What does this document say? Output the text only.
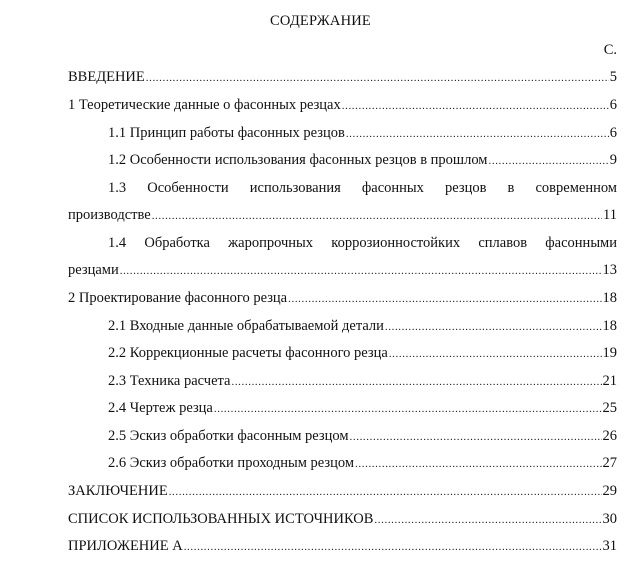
СОДЕРЖАНИЕ
С.
ВВЕДЕНИЕ .....	5
1 Теоретические данные о фасонных резцах .....	6
1.1 Принцип работы фасонных резцов .....	6
1.2 Особенности использования фасонных резцов в прошлом .....	9
1.3 Особенности использования фасонных резцов в современном
производстве .....	11
1.4 Обработка жаропрочных коррозионностойких сплавов фасонными
резцами .....	13
2 Проектирование фасонного резца .....	18
2.1 Входные данные обрабатываемой детали .....	18
2.2 Коррекционные расчеты фасонного резца .....	19
2.3 Техника расчета .....	21
2.4 Чертеж резца .....	25
2.5 Эскиз обработки фасонным резцом .....	26
2.6 Эскиз обработки проходным резцом .....	27
ЗАКЛЮЧЕНИЕ .....	29
СПИСОК ИСПОЛЬЗОВАННЫХ ИСТОЧНИКОВ .....	30
ПРИЛОЖЕНИЕ А .....	31
